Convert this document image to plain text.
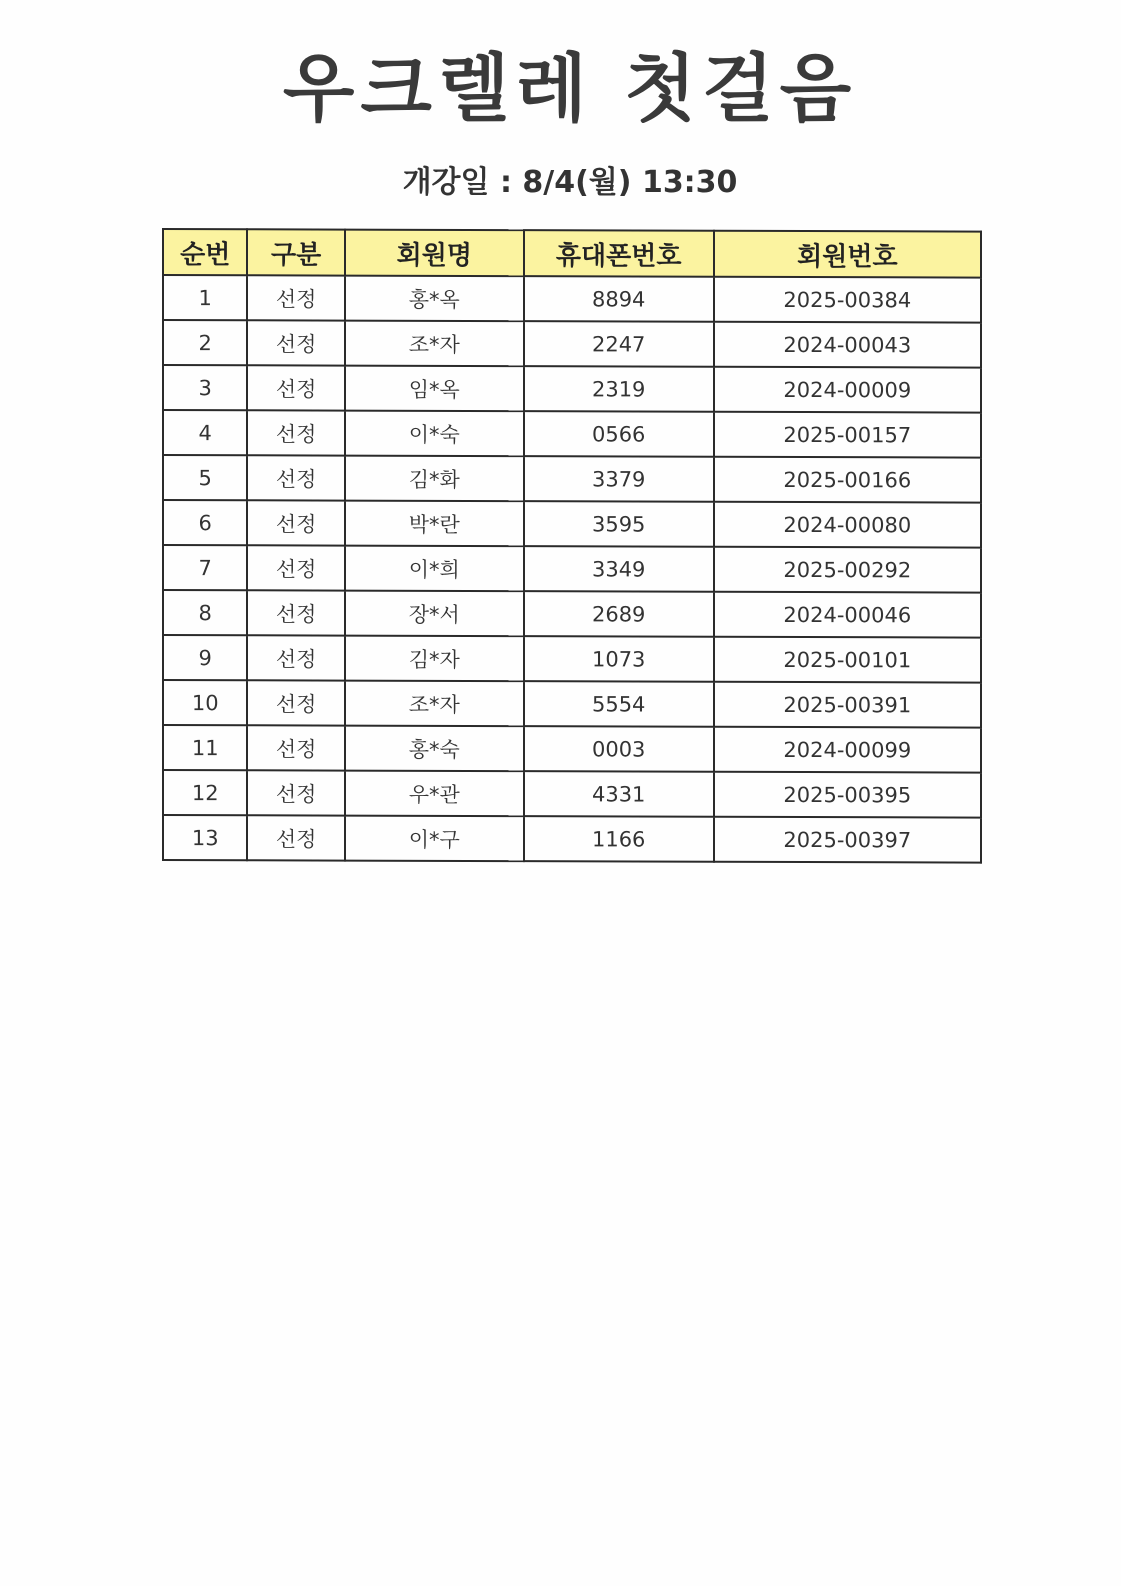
우크렐레 첫걸음
개강일 : 8/4(월) 13:30
순번	구분	회원명	휴대폰번호	회원번호
1	선정	홍*옥	8894	2025-00384
2	선정	조*자	2247	2024-00043
3	선정	임*옥	2319	2024-00009
4	선정	이*숙	0566	2025-00157
5	선정	김*화	3379	2025-00166
6	선정	박*란	3595	2024-00080
7	선정	이*희	3349	2025-00292
8	선정	장*서	2689	2024-00046
9	선정	김*자	1073	2025-00101
10	선정	조*자	5554	2025-00391
11	선정	홍*숙	0003	2024-00099
12	선정	우*관	4331	2025-00395
13	선정	이*구	1166	2025-00397
